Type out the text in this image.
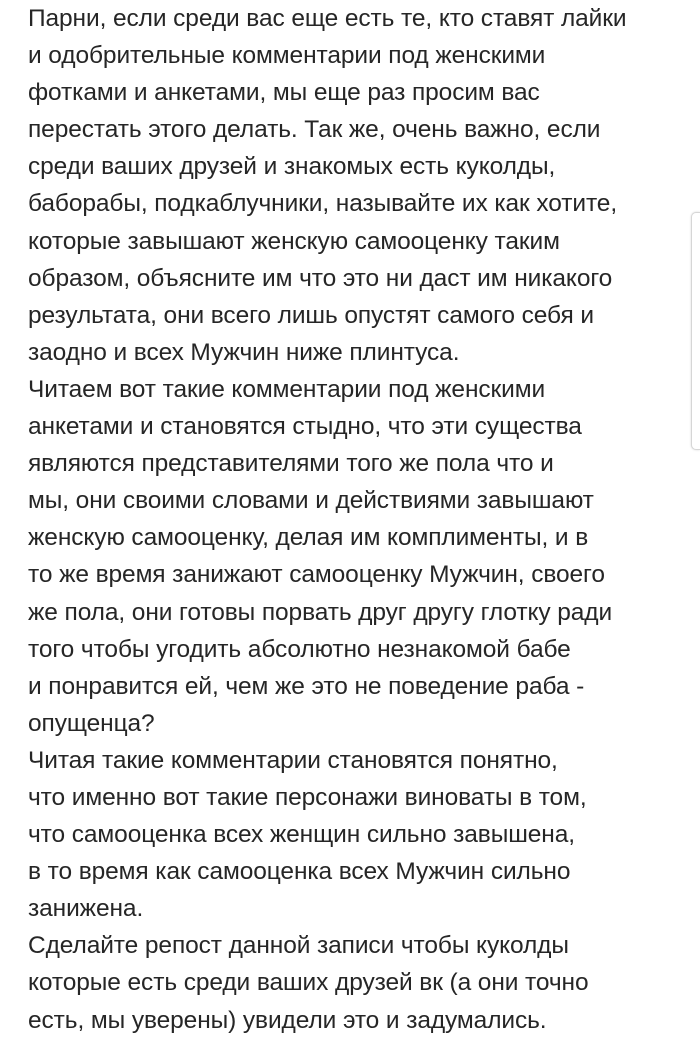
Парни, если среди вас еще есть те, кто ставят лайки
и одобрительные комментарии под женскими
фотками и анкетами, мы еще раз просим вас
перестать этого делать. Так же, очень важно, если
среди ваших друзей и знакомых есть куколды,
баборабы, подкаблучники, называйте их как хотите,
которые завышают женскую самооценку таким
образом, объясните им что это ни даст им никакого
результата, они всего лишь опустят самого себя и
заодно и всех Мужчин ниже плинтуса.
Читаем вот такие комментарии под женскими
анкетами и становятся стыдно, что эти существа
являются представителями того же пола что и
мы, они своими словами и действиями завышают
женскую самооценку, делая им комплименты, и в
то же время занижают самооценку Мужчин, своего
же пола, они готовы порвать друг другу глотку ради
того чтобы угодить абсолютно незнакомой бабе
и понравится ей, чем же это не поведение раба -
опущенца?
Читая такие комментарии становятся понятно,
что именно вот такие персонажи виноваты в том,
что самооценка всех женщин сильно завышена,
в то время как самооценка всех Мужчин сильно
занижена.
Сделайте репост данной записи чтобы куколды
которые есть среди ваших друзей вк (а они точно
есть, мы уверены) увидели это и задумались.
